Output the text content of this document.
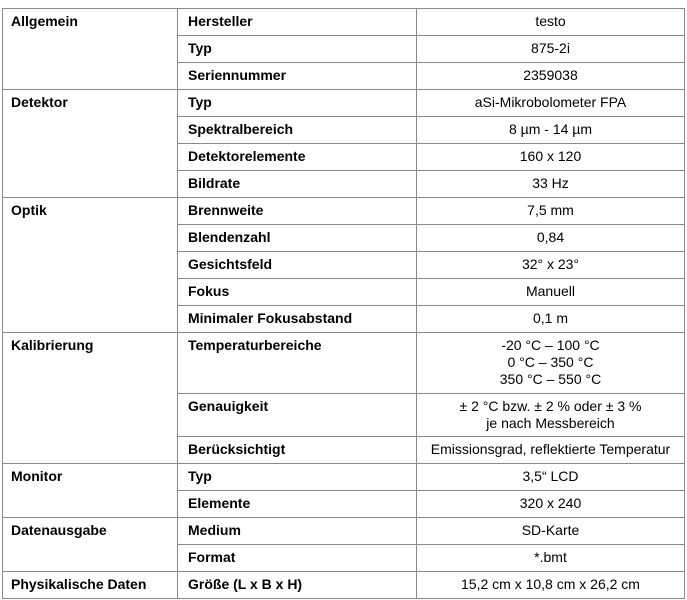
Allgemein	Hersteller	testo

	Typ	875-2i

	Seriennummer	2359038

Detektor	Typ	aSi-Mikrobolometer FPA

	Spektralbereich	8 µm - 14 µm

	Detektorelemente	160 x 120

	Bildrate	33 Hz

Optik	Brennweite	7,5 mm

	Blendenzahl	0,84

	Gesichtsfeld	32° x 23°

	Fokus	Manuell

	Minimaler Fokusabstand	0,1 m

Kalibrierung	Temperaturbereiche	-20 °C – 100 °C
0 °C – 350 °C
350 °C – 550 °C

	Genauigkeit	± 2 °C bzw. ± 2 % oder ± 3 %
je nach Messbereich

	Berücksichtigt	Emissionsgrad, reflektierte Temperatur

Monitor	Typ	3,5“ LCD

	Elemente	320 x 240

Datenausgabe	Medium	SD-Karte

	Format	*.bmt

Physikalische Daten	Größe (L x B x H)	15,2 cm x 10,8 cm x 26,2 cm
